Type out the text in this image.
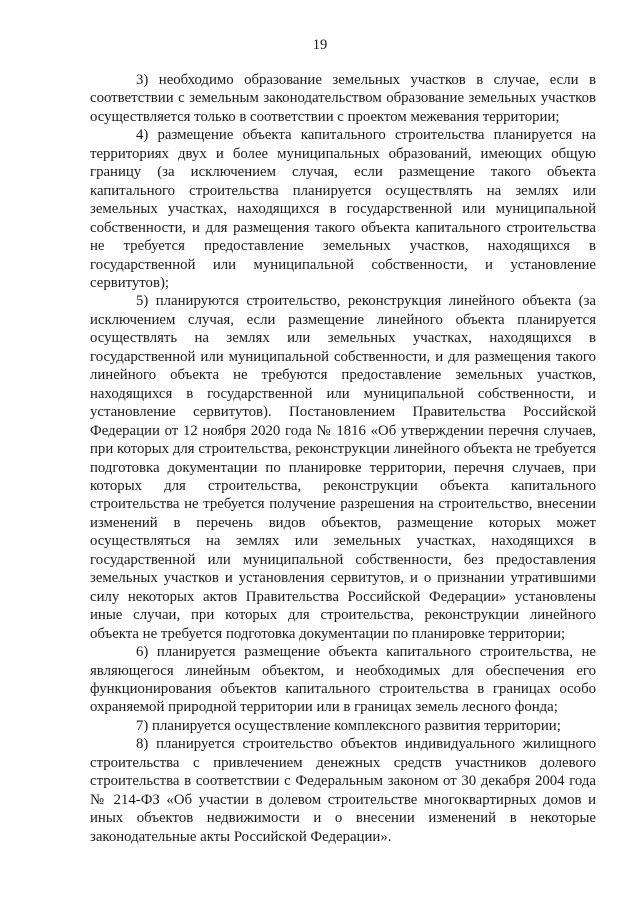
19

3) необходимо образование земельных участков в случае, если в соответствии с земельным законодательством образование земельных участков осуществляется только в соответствии с проектом межевания территории;

4) размещение объекта капитального строительства планируется на территориях двух и более муниципальных образований, имеющих общую границу (за исключением случая, если размещение такого объекта капитального строительства планируется осуществлять на землях или земельных участках, находящихся в государственной или муниципальной собственности, и для размещения такого объекта капитального строительства не требуется предоставление земельных участков, находящихся в государственной или муниципальной собственности, и установление сервитутов);

5) планируются строительство, реконструкция линейного объекта (за исключением случая, если размещение линейного объекта планируется осуществлять на землях или земельных участках, находящихся в государственной или муниципальной собственности, и для размещения такого линейного объекта не требуются предоставление земельных участков, находящихся в государственной или муниципальной собственности, и установление сервитутов). Постановлением Правительства Российской Федерации от 12 ноября 2020 года № 1816 «Об утверждении перечня случаев, при которых для строительства, реконструкции линейного объекта не требуется подготовка документации по планировке территории, перечня случаев, при которых для строительства, реконструкции объекта капитального строительства не требуется получение разрешения на строительство, внесении изменений в перечень видов объектов, размещение которых может осуществляться на землях или земельных участках, находящихся в государственной или муниципальной собственности, без предоставления земельных участков и установления сервитутов, и о признании утратившими силу некоторых актов Правительства Российской Федерации» установлены иные случаи, при которых для строительства, реконструкции линейного объекта не требуется подготовка документации по планировке территории;

6) планируется размещение объекта капитального строительства, не являющегося линейным объектом, и необходимых для обеспечения его функционирования объектов капитального строительства в границах особо охраняемой природной территории или в границах земель лесного фонда;

7) планируется осуществление комплексного развития территории;

8) планируется строительство объектов индивидуального жилищного строительства с привлечением денежных средств участников долевого строительства в соответствии с Федеральным законом от 30 декабря 2004 года № 214-ФЗ «Об участии в долевом строительстве многоквартирных домов и иных объектов недвижимости и о внесении изменений в некоторые законодательные акты Российской Федерации».
